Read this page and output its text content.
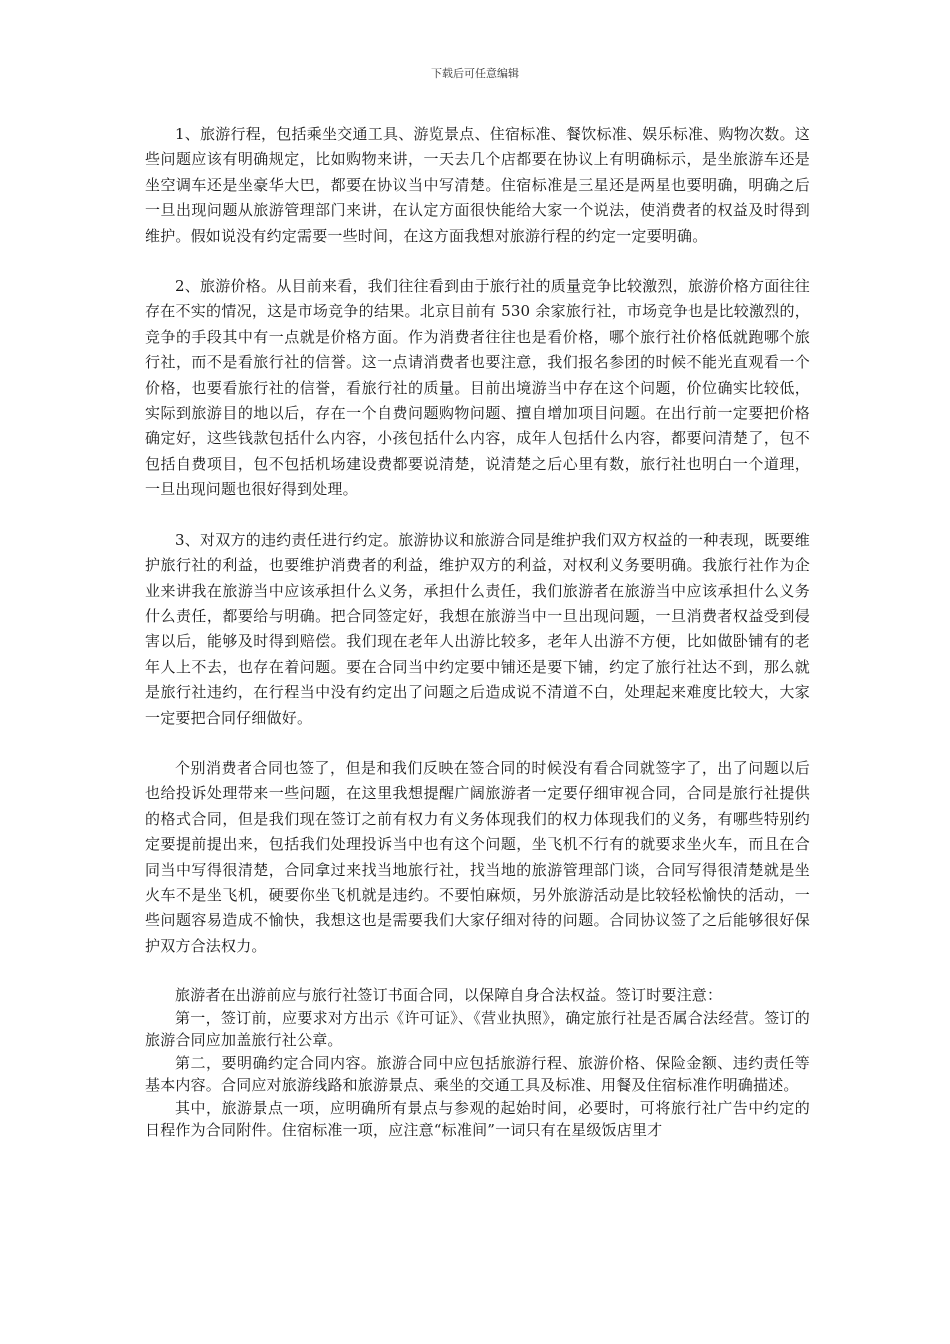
下载后可任意编辑

1、旅游行程，包括乘坐交通工具、游览景点、住宿标准、餐饮标准、娱乐标准、购物次数。这些问题应该有明确规定，比如购物来讲，一天去几个店都要在协议上有明确标示，是坐旅游车还是坐空调车还是坐豪华大巴，都要在协议当中写清楚。住宿标准是三星还是两星也要明确，明确之后一旦出现问题从旅游管理部门来讲，在认定方面很快能给大家一个说法，使消费者的权益及时得到维护。假如说没有约定需要一些时间，在这方面我想对旅游行程的约定一定要明确。

2、旅游价格。从目前来看，我们往往看到由于旅行社的质量竞争比较激烈，旅游价格方面往往存在不实的情况，这是市场竞争的结果。北京目前有 530 余家旅行社，市场竞争也是比较激烈的，竞争的手段其中有一点就是价格方面。作为消费者往往也是看价格，哪个旅行社价格低就跑哪个旅行社，而不是看旅行社的信誉。这一点请消费者也要注意，我们报名参团的时候不能光直观看一个价格，也要看旅行社的信誉，看旅行社的质量。目前出境游当中存在这个问题，价位确实比较低，实际到旅游目的地以后，存在一个自费问题购物问题、擅自增加项目问题。在出行前一定要把价格确定好，这些钱款包括什么内容，小孩包括什么内容，成年人包括什么内容，都要问清楚了，包不包括自费项目，包不包括机场建设费都要说清楚，说清楚之后心里有数，旅行社也明白一个道理，一旦出现问题也很好得到处理。

3、对双方的违约责任进行约定。旅游协议和旅游合同是维护我们双方权益的一种表现，既要维护旅行社的利益，也要维护消费者的利益，维护双方的利益，对权利义务要明确。我旅行社作为企业来讲我在旅游当中应该承担什么义务，承担什么责任，我们旅游者在旅游当中应该承担什么义务什么责任，都要给与明确。把合同签定好，我想在旅游当中一旦出现问题，一旦消费者权益受到侵害以后，能够及时得到赔偿。我们现在老年人出游比较多，老年人出游不方便，比如做卧铺有的老年人上不去，也存在着问题。要在合同当中约定要中铺还是要下铺，约定了旅行社达不到，那么就是旅行社违约，在行程当中没有约定出了问题之后造成说不清道不白，处理起来难度比较大，大家一定要把合同仔细做好。

个别消费者合同也签了，但是和我们反映在签合同的时候没有看合同就签字了，出了问题以后也给投诉处理带来一些问题，在这里我想提醒广阔旅游者一定要仔细审视合同，合同是旅行社提供的格式合同，但是我们现在签订之前有权力有义务体现我们的权力体现我们的义务，有哪些特别约定要提前提出来，包括我们处理投诉当中也有这个问题，坐飞机不行有的就要求坐火车，而且在合同当中写得很清楚，合同拿过来找当地旅行社，找当地的旅游管理部门谈，合同写得很清楚就是坐火车不是坐飞机，硬要你坐飞机就是违约。不要怕麻烦，另外旅游活动是比较轻松愉快的活动，一些问题容易造成不愉快，我想这也是需要我们大家仔细对待的问题。合同协议签了之后能够很好保护双方合法权力。

旅游者在出游前应与旅行社签订书面合同，以保障自身合法权益。签订时要注意：

第一，签订前，应要求对方出示《许可证》、《营业执照》，确定旅行社是否属合法经营。签订的旅游合同应加盖旅行社公章。

第二，要明确约定合同内容。旅游合同中应包括旅游行程、旅游价格、保险金额、违约责任等基本内容。合同应对旅游线路和旅游景点、乘坐的交通工具及标准、用餐及住宿标准作明确描述。

其中，旅游景点一项，应明确所有景点与参观的起始时间，必要时，可将旅行社广告中约定的日程作为合同附件。住宿标准一项，应注意“标准间”一词只有在星级饭店里才
